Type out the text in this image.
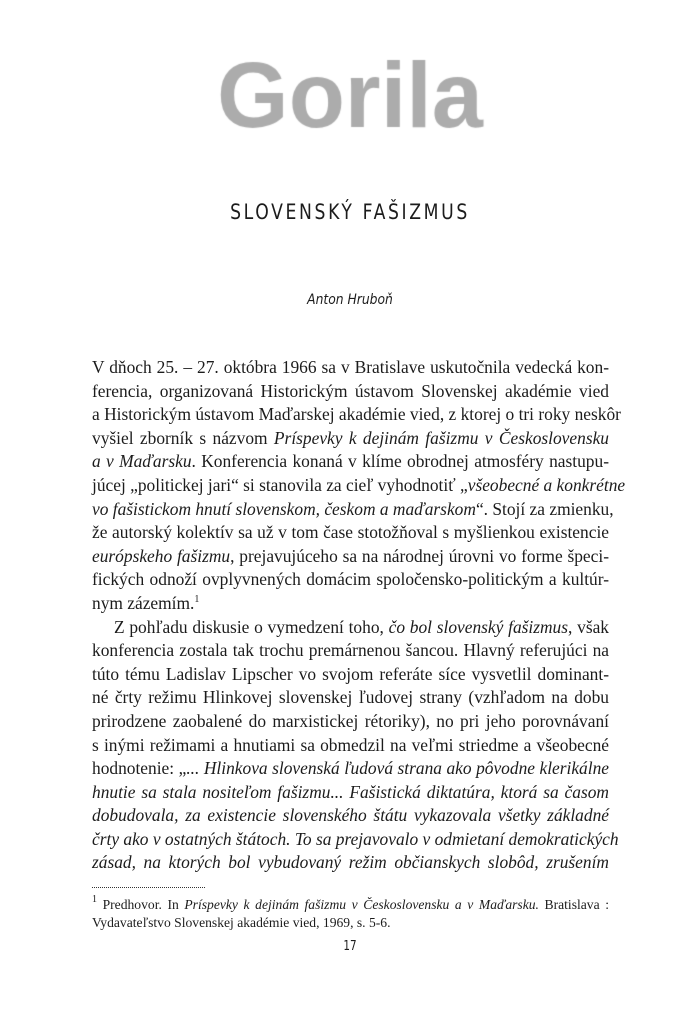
SLOVENSKÝ FAŠIZMUS
Anton Hruboň
V dňoch 25. – 27. októbra 1966 sa v Bratislave uskutočnila vedecká kon-
ferencia, organizovaná Historickým ústavom Slovenskej akadémie vied
a Historickým ústavom Maďarskej akadémie vied, z ktorej o tri roky neskôr
vyšiel zborník s názvom Príspevky k dejinám fašizmu v Československu
a v Maďarsku. Konferencia konaná v klíme obrodnej atmosféry nastupu-
júcej „politickej jari“ si stanovila za cieľ vyhodnotiť „všeobecné a konkrétne
vo fašistickom hnutí slovenskom, českom a maďarskom“. Stojí za zmienku,
že autorský kolektív sa už v tom čase stotožňoval s myšlienkou existencie
európskeho fašizmu, prejavujúceho sa na národnej úrovni vo forme špeci-
fických odnoží ovplyvnených domácim spoločensko-politickým a kultúr-
nym zázemím.$^1$
Z pohľadu diskusie o vymedzení toho, čo bol slovenský fašizmus, však
konferencia zostala tak trochu premárnenou šancou. Hlavný referujúci na
túto tému Ladislav Lipscher vo svojom referáte síce vysvetlil dominant-
né črty režimu Hlinkovej slovenskej ľudovej strany (vzhľadom na dobu
prirodzene zaobalené do marxistickej rétoriky), no pri jeho porovnávaní
s inými režimami a hnutiami sa obmedzil na veľmi striedme a všeobecné
hodnotenie: „... Hlinkova slovenská ľudová strana ako pôvodne klerikálne
hnutie sa stala nositeľom fašizmu... Fašistická diktatúra, ktorá sa časom
dobudovala, za existencie slovenského štátu vykazovala všetky základné
črty ako v ostatných štátoch. To sa prejavovalo v odmietaní demokratických
zásad, na ktorých bol vybudovaný režim občianskych slobôd, zrušením
$^1$ Predhovor. In Príspevky k dejinám fašizmu v Československu a v Maďarsku. Bratislava :
Vydavateľstvo Slovenskej akadémie vied, 1969, s. 5-6.
17
